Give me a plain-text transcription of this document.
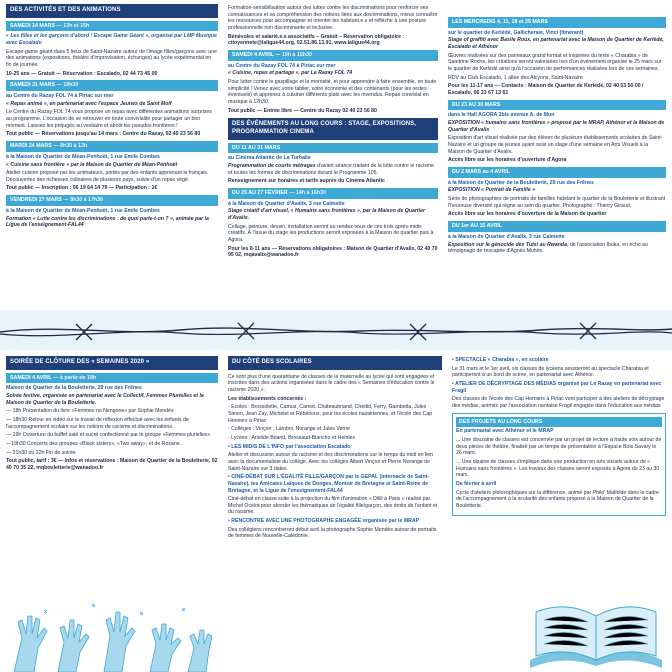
DES ACTIVITÉS ET DES ANIMATIONS
SAMEDI 14 MARS — 13h et 15h

« Les filles et les garçons d'abord ! Escape Game Géant », organisé par LMP Musique avec Escalado

Escape-game géant dans 5 lieux de Saint-Nazaire autour de l'image filles/garçons avec une des animations (expositions, théâtre d'improvisation, échanges) au lycée expérimental en fin de journée.

10-25 ans — Gratuit — Réservation : Escalado, 02 44 73 45 00

SAMEDI 21 MARS — 18h30

au Centre du Razay FOL 74 à Piriac sur mer

« Repas animé », en partenariat avec l'espace Jeunes de Saint Molf

Le Centre du Razay FOL 74 vous propose un repas avec différentes animations surprises au programme. L'occasion de se retrouver en toute convivialité pour partager un bon moment. Laissez les préjugés au vestiaire et abolir les pseudos frontières !

Tout public — Réservations jusqu'au 14 mars : Centre du Razay, 02 40 23 56 80

MARDI 24 MARS — 9h30 à 13h

à la Maison de Quartier de Méan-Penhoët, 1 rue Emile Combes

« Cuisine sans frontière » par la Maison de Quartier de Méan-Penhoët

Atelier cuisine proposé par les animateurs, portés par des enfants apprenant le français. Découvertez des richesses culinaires de plusieurs pays, suivie d'un repas végé.

Tout public — Inscription : 06 19 64 14 79 — Participation : 1€

VENDREDI 27 MARS — 9h30 à 17h30

à la Maison de Quartier de Méan-Penhoët, 1 rue Emile Combes

Formation « Lutte contre les discriminations : de quoi parle-t-on ? », animée par la Ligue de l'enseignement-FAL44

Formation-sensibilisation autour des luttes contre les discriminations pour renforcer ses connaissances et sa compréhension des notions liées aux discriminations, mieux connaître les ressources pour accompagner et orienter les habitant.e.s et réfléchir à une posture professionnelle non discriminante et inclusive.

Bénévoles et salarié.e.s associatifs – Gratuit – Réservation obligatoire : citoyennete@laligue44.org, 02.51.86.13.91, www.laligue44.org

SAMEDI 4 AVRIL — 10h à 15h30

au Centre du Razay FOL 74 à Piriac sur mer

« Cuisine, repas et partage », par Le Razay FOL 74

Pour lutter contre le gaspillage et la morosité, et pour apprendre à faire ensemble, en toute simplicité ! Venez avec votre tablier, votre économie et des contenants (pour les restes éventuels) et apprenez à cuisiner différents plats avec les invendus. Repas convivial en musique à 12h30.

Tout public — Entrée libre — Centre du Razay 02 40 23 56 80

DES ÉVÉNEMENTS AU LONG COURS : STAGE, EXPOSITIONS, PROGRAMMATION CINEMA
DU 11 AU 31 MARS

au Cinéma Atlantic de La Turballe

Programmation de courts métrages d'avant séance traitant de la lutte contre le racisme et toutes les formes de discriminations durant le Programme 105.

Renseignement sur horaires et tarifs auprès du Cinéma Atlantic

DU 25 AU 27 FÉVRIER — 14h à 16h30

à la Maison de Quartier d'Avalix, 3 rue Calmette

Stage créatif d'art visuel, « Humains sans frontières », par la Maison de Quartier d'Avalix.

Collage, peinture, dessin, installation seront au rendez-vous de ces trois après-midis créatifs. À l'issue du stage les productions seront exposées à la Maison de quartier puis à Agora.

Pour les 8-11 ans — Réservations obligatoires : Maison de Quartier d'Avalix, 02 40 70 95 02, mqavalix@wanadoo.fr

LES MERCREDIS 4, 11, 18 et 25 MARS

sur le quartier de Kerlédé, Gallicheraie, Vinci (itinérant)

Stage of graffiti avec Basile Roux, en partenariat avec la Maison de Quartier de Kerlédé, Escalado et Athénor

Œuvres réalisées sur des panneaux grand format et inspirées du texte « Charabia » de Sandrine Roche, les créations seront valorisées lors d'un événement organisé le 25 mars sur le quartier de Kerlédé ainsi qu'à l'occasion de performances réalisées lors de ces semaines.

RDV au Club Escalado, 1 allée des Alcyons, Saint-Nazaire

Pour les 11-17 ans — Contacts : Maison de Quartier de Kerlédé, 02 40 53 50 00 / Escalado, 06 23 67 13 61

DU 23 AU 30 MARS

dans le Hall AGORA 2bis avenue A. de Mun

EXPOSITION « humains sans frontières » proposé par le MRAP, Athénor et la Maison de Quartier d'Avalix

Exposition d'art visuel réalisée par des élèves de plusieurs établissements scolaires de Saint-Nazaire et un groupe de jeunes ayant suivi un stage d'une semaine en Arts Visuels à la Maison de Quartier d'Avalix.

Accès libre sur les horaires d'ouverture d'Agora

DU 2 MARS au 4 AVRIL

à la Maison de Quartier de la Bouletterie, 29 rue des Frênes

EXPOSITION « Portrait de Famille »

Série de photographies de portraits de familles habitant le quartier de la Bouletterie et illustrant l'heureuse diversité qui règne au sein du quartier. Photographe : Thierry Giraud.

Accès libre sur les horaires d'ouverture de la Maison de quartier

DU 1er AU 15 AVRIL

à la Maison de Quartier d'Avalix, 3 rue Calmette

Exposition sur le génocide des Tutsi au Rwanda, de l'association Ibuka, en écho au témoignage de rescapée d'Agnès Muhire.

SOIRÉE DE CLÔTURE DES « SEMAINES 2020 »
SAMEDI 4 AVRIL — à partir de 18h

Maison de Quartier de la Bouletterie, 29 rue des Frênes

Soirée festive, organisée en partenariat avec le Collectif, Femmes Plurielles et la Maison de Quartier de la Bouletterie.

— 18h Présentation du livre «Femmes no Nengone» par Sophie Mendès

— 18h30 Retour en vidéo sur le travail de réflexion effectué avec les enfants de l'accompagnement scolaire sur les notions de racisme et discriminations.

— 19h Ouverture du buffet salé et sucré confectionné par le groupe «Femmes plurielles»

—19h30 Concerts des groupes «Black sisters», «Two away», et de Roxane.

— 21h30 ou 22h Fin de soirée

Tout public, tarif : 3€ — Infos et réservations : Maison de Quartier de la Bouletterie, 02 40 70 35 22, mqbouletterie@wanadoo.fr

DU CÔTÉ DES SCOLAIRES

Ce sont plus d'une quarantaine de classes de la maternelle au lycée qui sont engagées et inscrites dans des actions organisées dans le cadre des « Semaines d'éducation contre le racisme 2020 ».

Les établissements concernés :

- Écoles : Brossolette, Camus, Carnot, Chateaubriand, Chédid, Ferry, Gambetta, Jules Simon, Jean Zay, Michelet et Rébérioux, pour les écoles nazairiennes, et l'école des Cap Horniers à Piriac

- Collèges : Vinçon , Lamboi, Norange et Jules Verne

- Lycées : Aristide Briand, Brossaud-Blancho et Heinlex

• LES MIDIS DE L'INFO par l'association Escalado

Atelier et discussion autour du racisme et des discriminations sur le temps du midi en lien avec la documentaliste du collège. Avec les collèges Albert Vinçon et Pierre Norange de Saint-Nazaire sur 3 dates

• CINÉ-DÉBAT SUR L'ÉGALITÉ FILLE/GARÇON par le GEPAL (internacle de Saint-Nazaire), les Amicales Laïques de Donges, Montoir de Bretagne et Saint-Reine de Bretagne, et la Ligue de l'enseignement-FAL44

Ciné-débat en classe suite à la projection du film d'animation « Dilili à Paris » réalisé par Michel Ocelot pour aborder les thématiques de l'égalité fille/garçon, des droits de l'enfant et du racisme.

• RENCONTRE AVEC UNE PHOTOGRAPHE ENGAGÉE organisée par le MRAP

Des collégiens rencontreront début avril la photographe Sophie Mendès autour de portraits de femmes de Nouvelle-Calédonie.

• SPECTACLE « Charabia », en scolaire

Le 31 mars et le 1er avril, six classes de lycéens assisteront au spectacle Charabia et participeront à un bord de scène, en partenariat avec Athénor.

• ATELIER DE DÉCRYPTAGE DES MÉDIAS organisé par Le Razay en partenariat avec Fragil

Des classes de l'école des Cap Horniers à Piriac vont participer à des ateliers de décryptage des médias, animés par l'association nantaise Fragil engagée dans l'éducation aux médias

DES PROJETS AU LONG COURS

En partenariat avec Athénor et le MRAP

... Une douzaine de classes est concernée par un projet de lecture à haute voix autour de deux pièces de théâtre, finalisé par un temps de présentation à l'Espace Bois Savary le 26 mars.

... Une dizaine de classes s'implique dans une production en arts visuels autour de « Humains sans frontières ». Les travaux des classes seront exposés à Agora du 23 au 30 mars.

De février à avril

Cycle d'ateliers philosophiques sur la différence, animé par Philo' Mathilde dans le cadre de l'accompagnement à la scolarité des enfants proposé à la Maison de Quartier de la Bouletterie.
